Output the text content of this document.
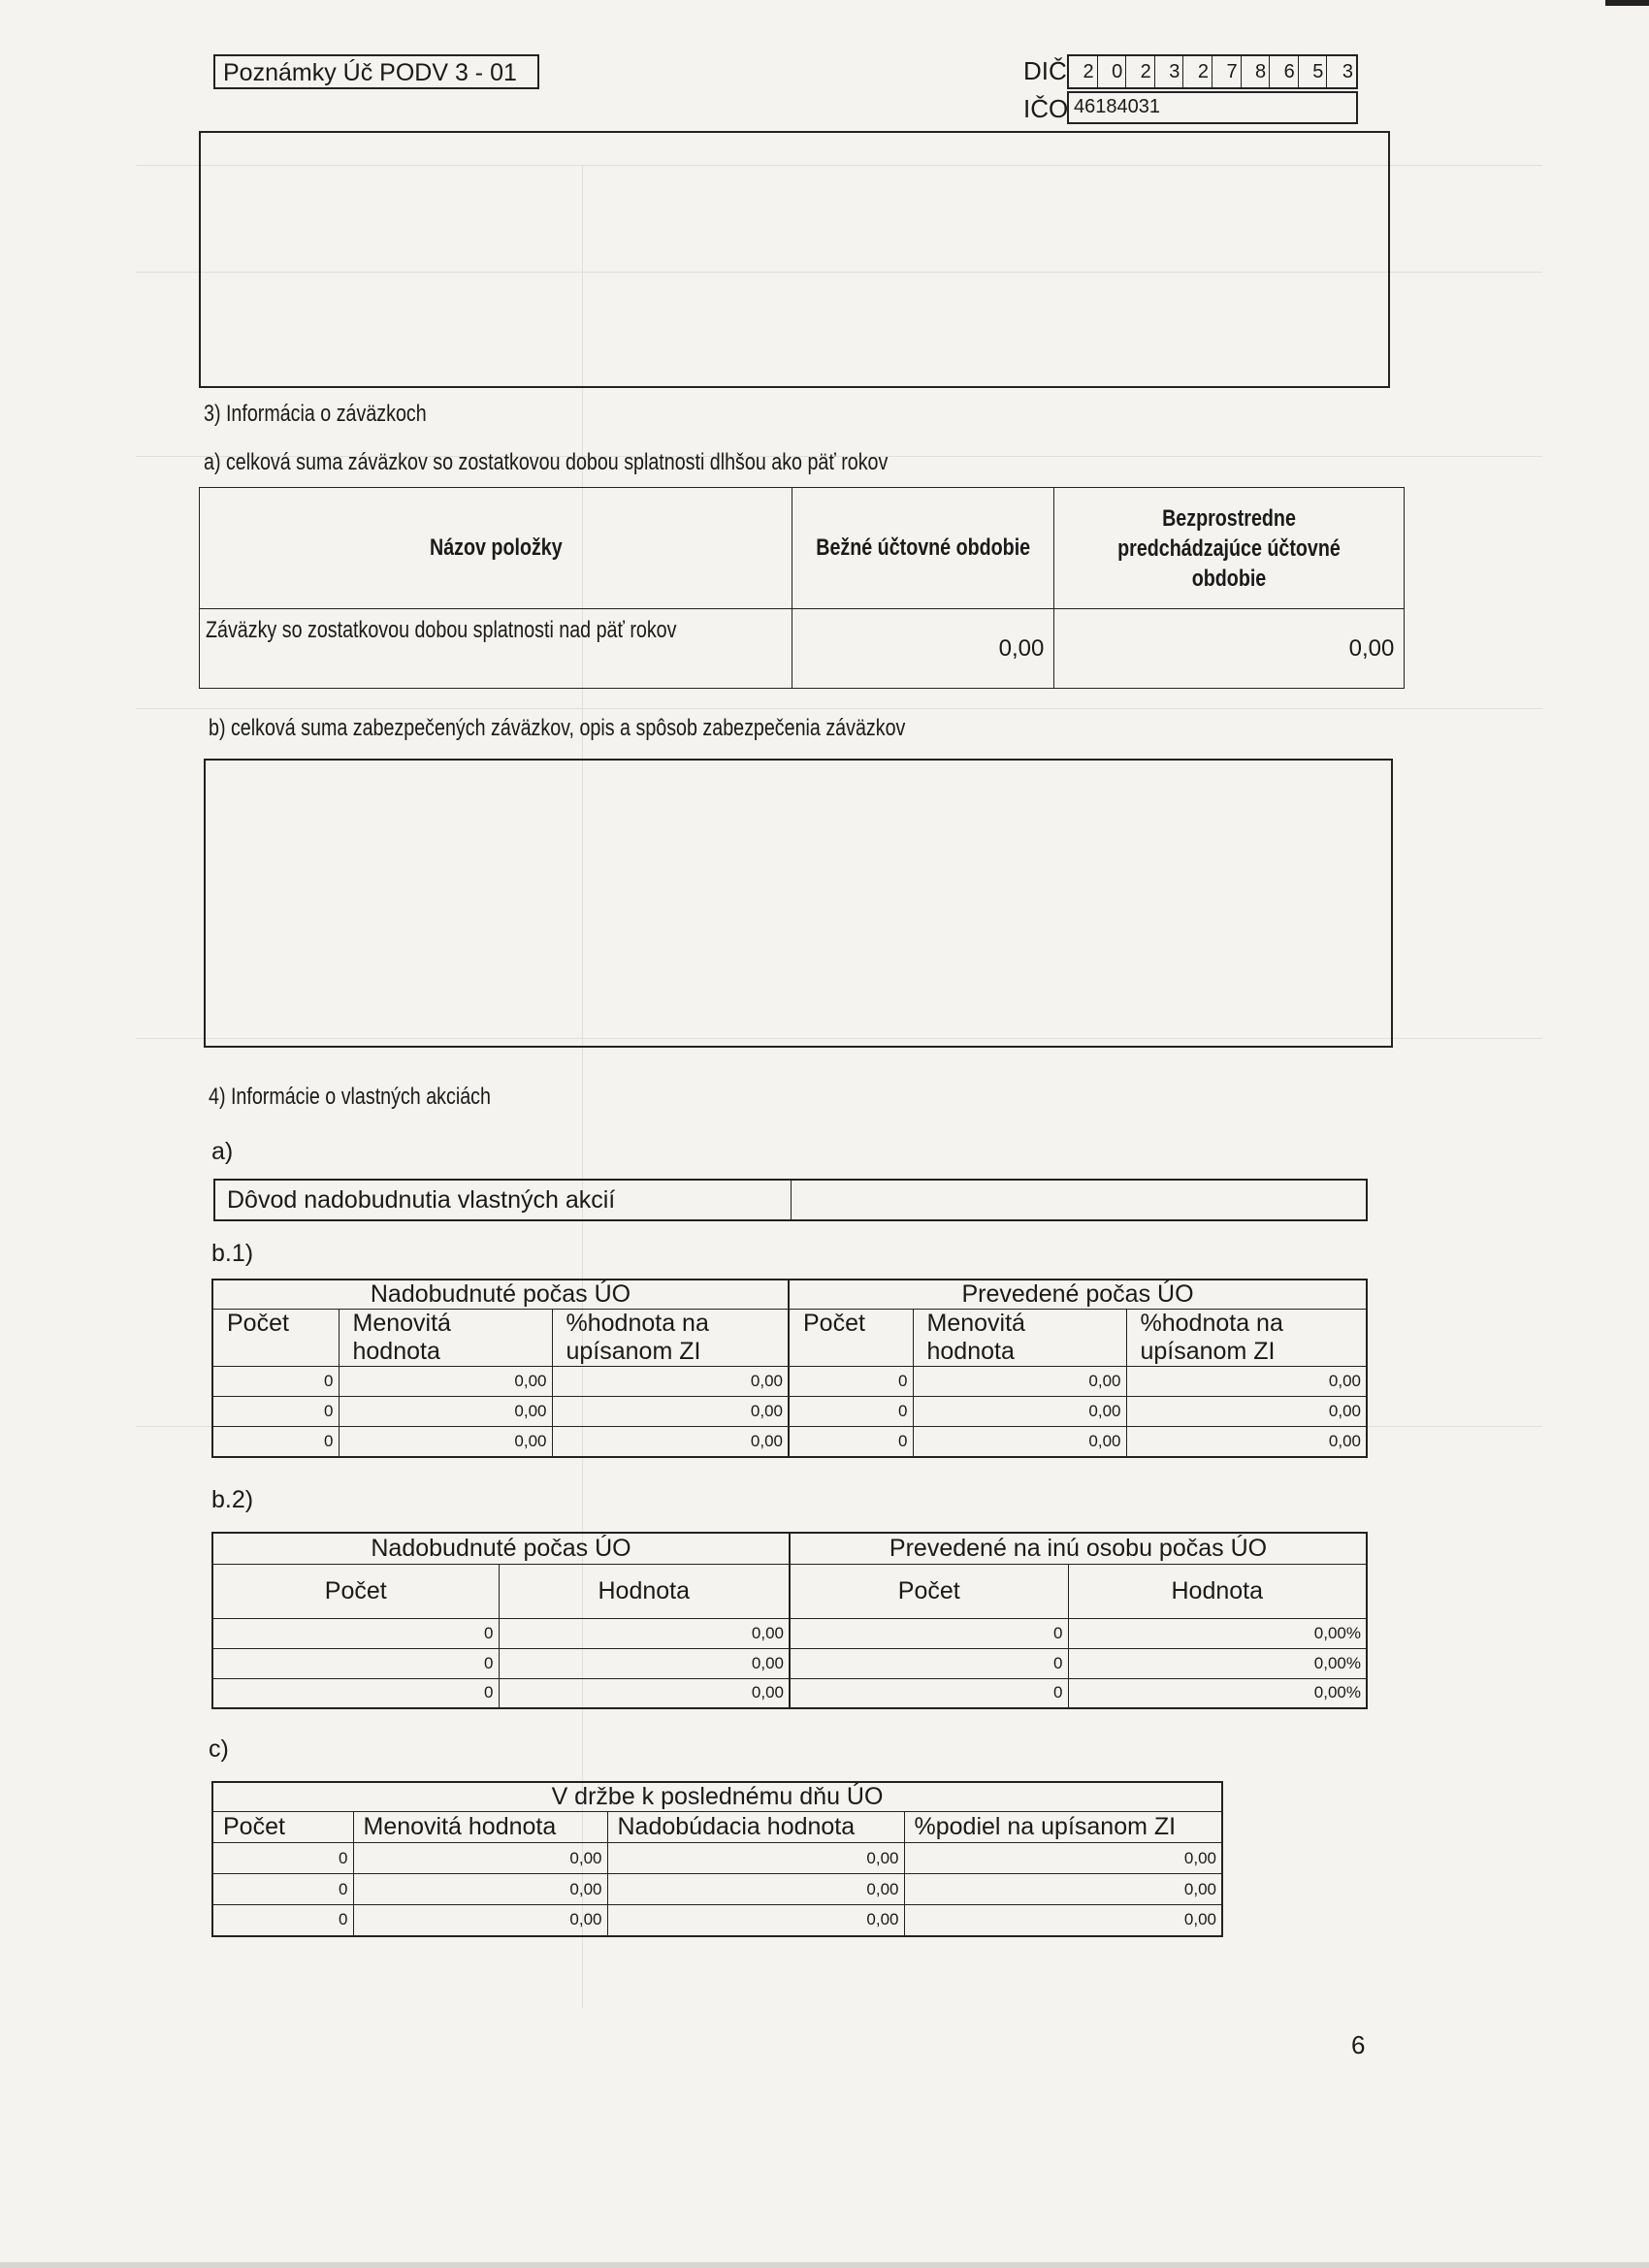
Poznámky Úč PODV 3 - 01	DIČ 2 0 2 3 2 7 8 6 5 3
IČO 46184031
3) Informácia o záväzkoch
a) celková suma záväzkov so zostatkovou dobou splatnosti dlhšou ako päť rokov
Názov položky	Bežné účtovné obdobie	Bezprostredne predchádzajúce účtovné obdobie

Záväzky so zostatkovou dobou splatnosti nad päť rokov	0,00	0,00
b) celková suma zabezpečených záväzkov, opis a spôsob zabezpečenia záväzkov
4) Informácie o vlastných akciách
a)
Dôvod nadobudnutia vlastných akcií	
b.1)
Nadobudnuté počas ÚO			Prevedené počas ÚO		
Počet	Menovitá hodnota	%hodnota na upísanom ZI	Počet	Menovitá hodnota	%hodnota na upísanom ZI
0	0,00	0,00	0	0,00	0,00
0	0,00	0,00	0	0,00	0,00
0	0,00	0,00	0	0,00	0,00
b.2)
Nadobudnuté počas ÚO		Prevedené na inú osobu počas ÚO	
Počet	Hodnota	Počet	Hodnota
0	0,00	0	0,00%
0	0,00	0	0,00%
0	0,00	0	0,00%
c)
V držbe k poslednému dňu ÚO			
Počet	Menovitá hodnota	Nadobúdacia hodnota	%podiel na upísanom ZI
0	0,00	0,00	0,00
0	0,00	0,00	0,00
0	0,00	0,00	0,00
6
